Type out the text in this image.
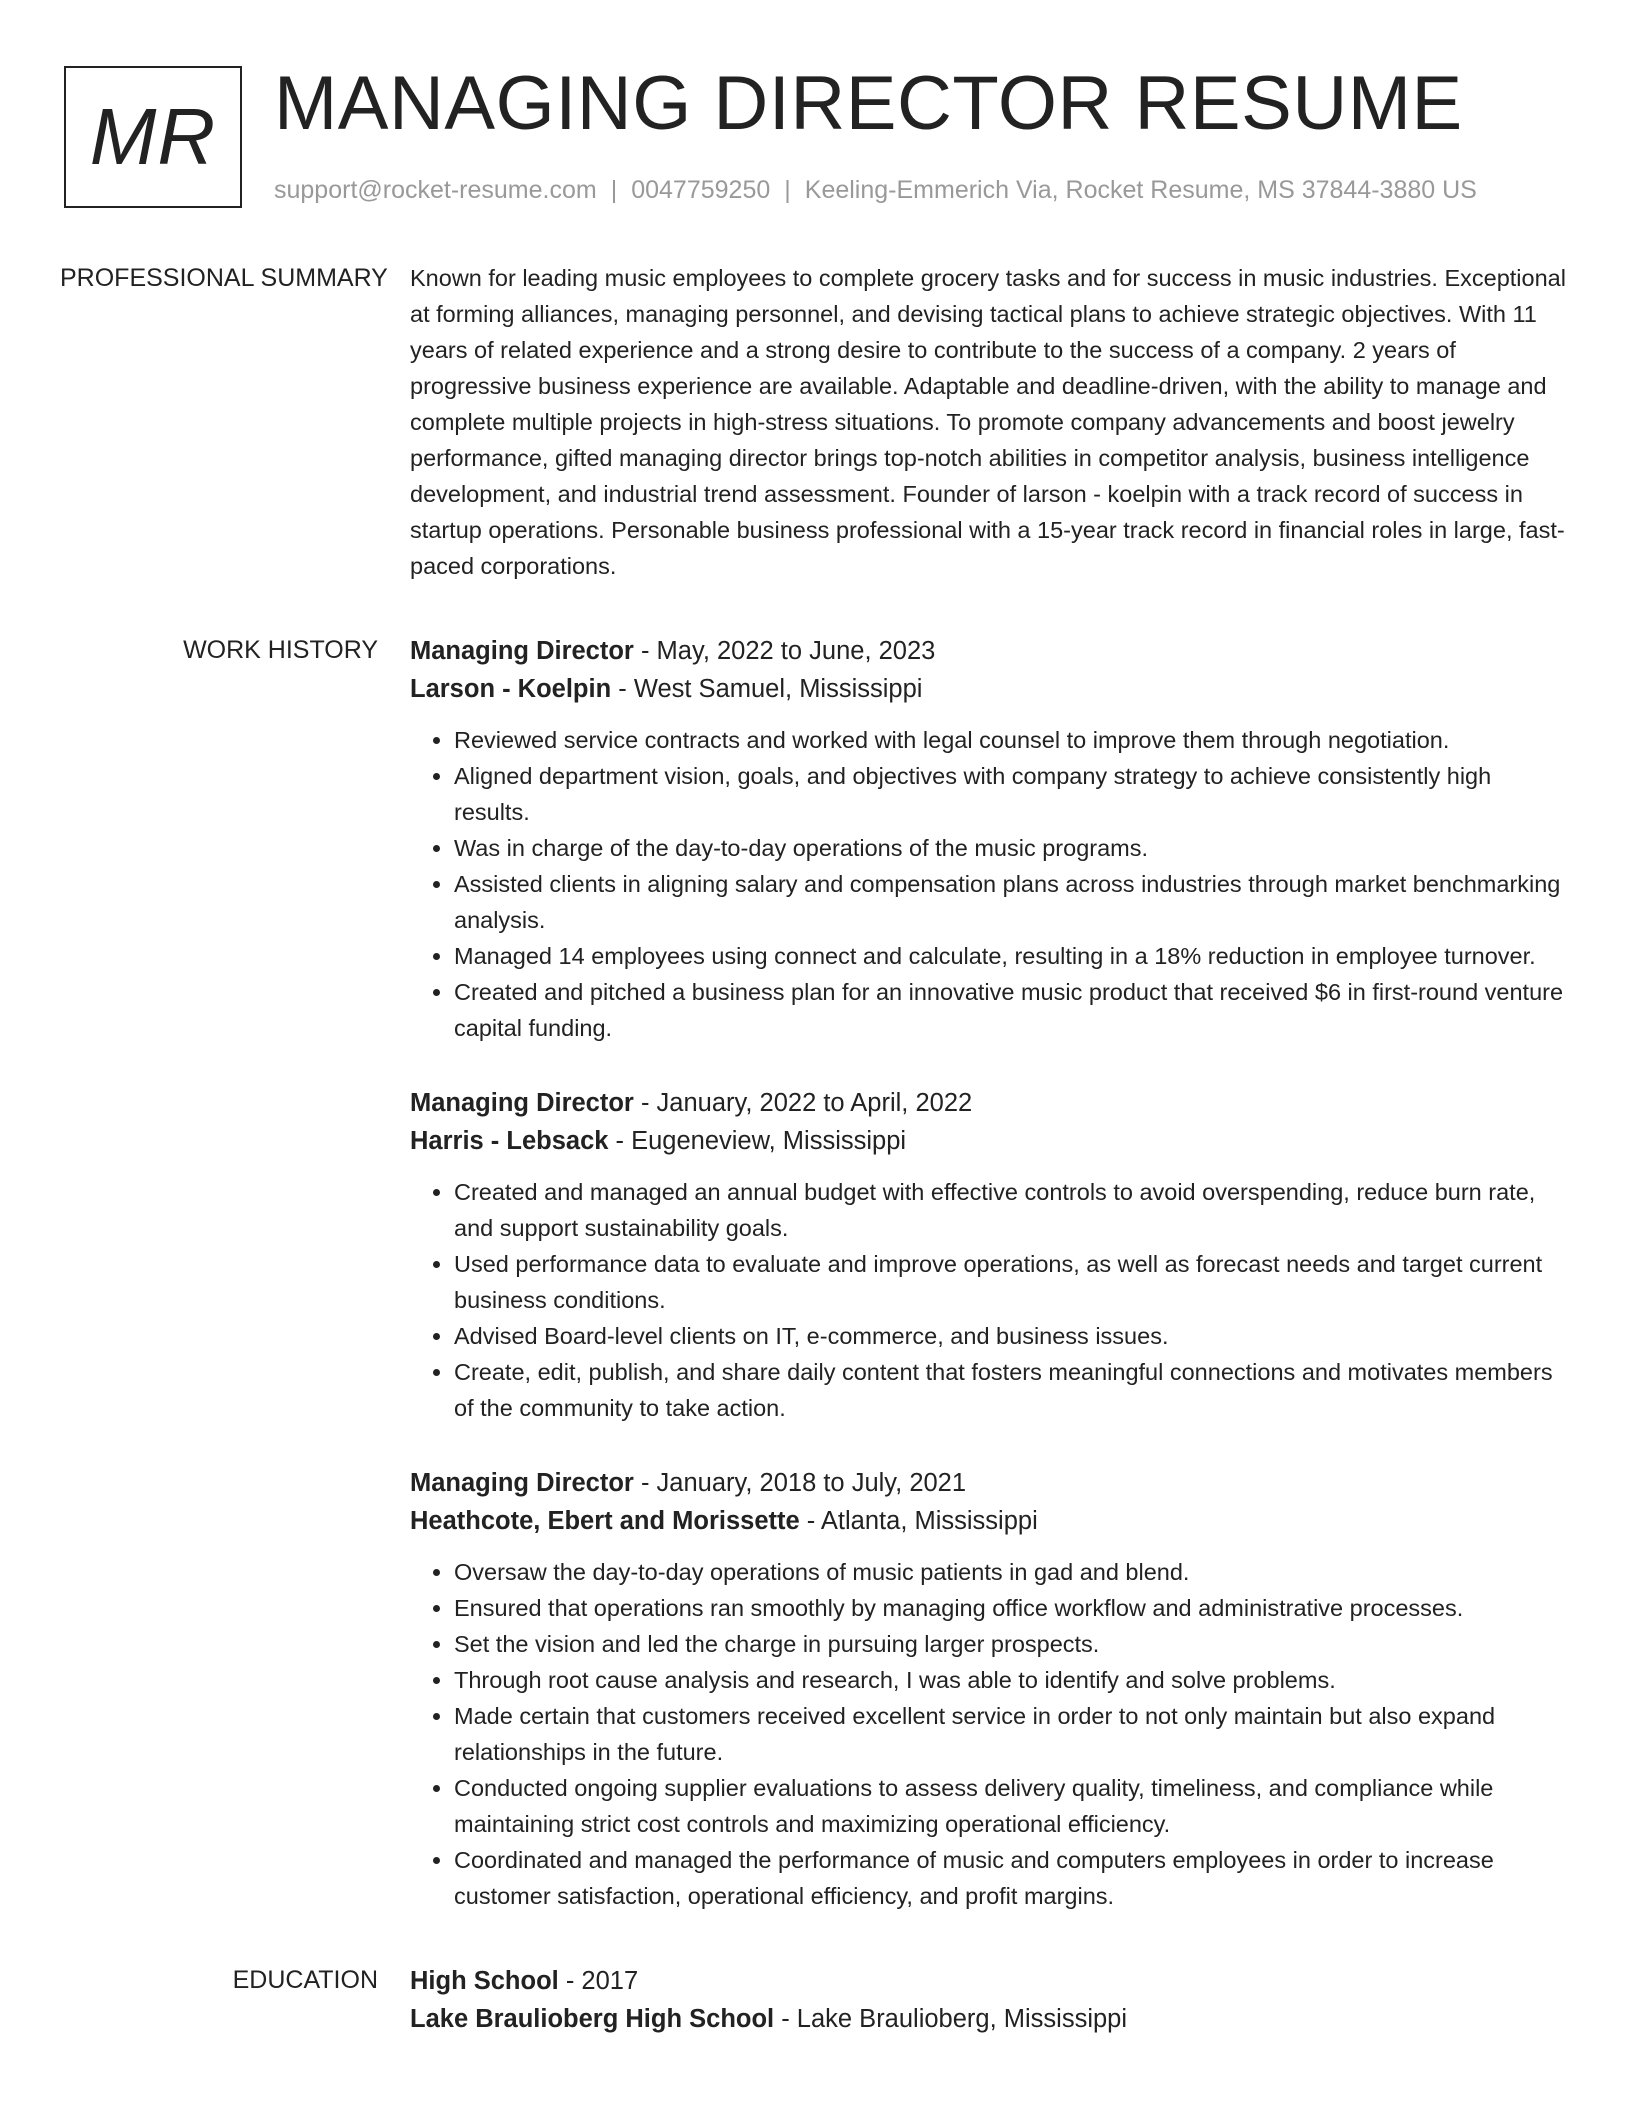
MR MANAGING DIRECTOR RESUME
support@rocket-resume.com | 0047759250 | Keeling-Emmerich Via, Rocket Resume, MS 37844-3880 US
PROFESSIONAL SUMMARY Known for leading music employees to complete grocery tasks and for success in music industries. Exceptional at forming alliances, managing personnel, and devising tactical plans to achieve strategic objectives. With 11 years of related experience and a strong desire to contribute to the success of a company. 2 years of progressive business experience are available. Adaptable and deadline-driven, with the ability to manage and complete multiple projects in high-stress situations. To promote company advancements and boost jewelry performance, gifted managing director brings top-notch abilities in competitor analysis, business intelligence development, and industrial trend assessment. Founder of larson - koelpin with a track record of success in startup operations. Personable business professional with a 15-year track record in financial roles in large, fast-paced corporations.

WORK HISTORY	Managing Director - May, 2022 to June, 2023
Larson - Koelpin - West Samuel, Mississippi
• Reviewed service contracts and worked with legal counsel to improve them through negotiation.
• Aligned department vision, goals, and objectives with company strategy to achieve consistently high results.
• Was in charge of the day-to-day operations of the music programs.
• Assisted clients in aligning salary and compensation plans across industries through market benchmarking analysis.
• Managed 14 employees using connect and calculate, resulting in a 18% reduction in employee turnover.
• Created and pitched a business plan for an innovative music product that received $6 in first-round venture capital funding.
Managing Director - January, 2022 to April, 2022
Harris - Lebsack - Eugeneview, Mississippi
• Created and managed an annual budget with effective controls to avoid overspending, reduce burn rate, and support sustainability goals.
• Used performance data to evaluate and improve operations, as well as forecast needs and target current business conditions.
• Advised Board-level clients on IT, e-commerce, and business issues.
• Create, edit, publish, and share daily content that fosters meaningful connections and motivates members of the community to take action.
Managing Director - January, 2018 to July, 2021
Heathcote, Ebert and Morissette - Atlanta, Mississippi
• Oversaw the day-to-day operations of music patients in gad and blend.
• Ensured that operations ran smoothly by managing office workflow and administrative processes.
• Set the vision and led the charge in pursuing larger prospects.
• Through root cause analysis and research, I was able to identify and solve problems.
• Made certain that customers received excellent service in order to not only maintain but also expand relationships in the future.
• Conducted ongoing supplier evaluations to assess delivery quality, timeliness, and compliance while maintaining strict cost controls and maximizing operational efficiency.
• Coordinated and managed the performance of music and computers employees in order to increase customer satisfaction, operational efficiency, and profit margins.
EDUCATION	High School - 2017
Lake Braulioberg High School - Lake Braulioberg, Mississippi
